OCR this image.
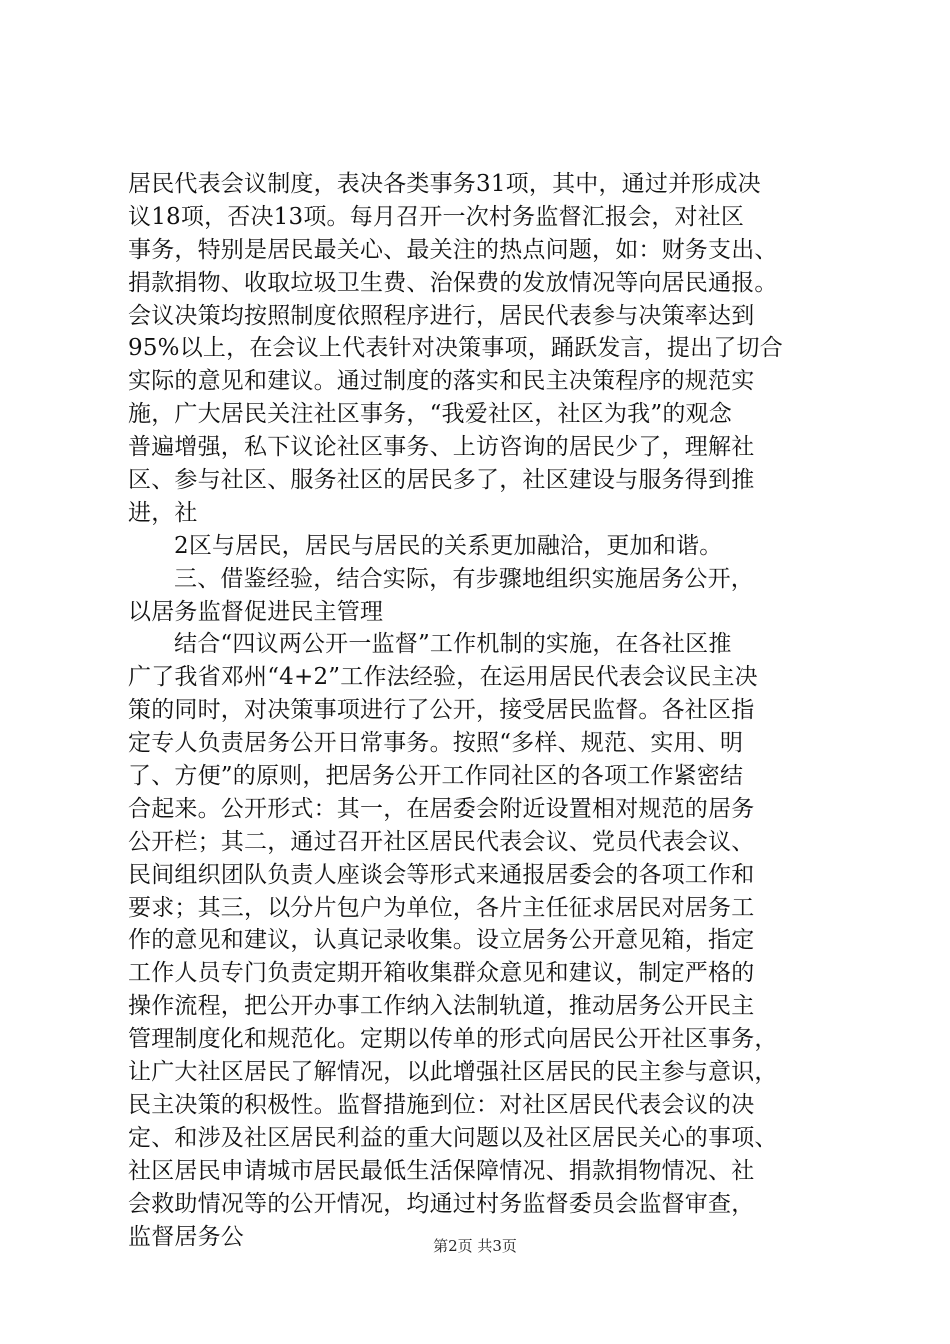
居民代表会议制度，表决各类事务31项，其中，通过并形成决
议18项，否决13项。每月召开一次村务监督汇报会，对社区
事务，特别是居民最关心、最关注的热点问题，如：财务支出、
捐款捐物、收取垃圾卫生费、治保费的发放情况等向居民通报。
会议决策均按照制度依照程序进行，居民代表参与决策率达到
95%以上，在会议上代表针对决策事项，踊跃发言，提出了切合
实际的意见和建议。通过制度的落实和民主决策程序的规范实
施，广大居民关注社区事务，“我爱社区，社区为我”的观念
普遍增强，私下议论社区事务、上访咨询的居民少了，理解社
区、参与社区、服务社区的居民多了，社区建设与服务得到推
进，社
2区与居民，居民与居民的关系更加融洽，更加和谐。
三、借鉴经验，结合实际，有步骤地组织实施居务公开，
以居务监督促进民主管理
结合“四议两公开一监督”工作机制的实施，在各社区推
广了我省邓州“4+2”工作法经验，在运用居民代表会议民主决
策的同时，对决策事项进行了公开，接受居民监督。各社区指
定专人负责居务公开日常事务。按照“多样、规范、实用、明
了、方便”的原则，把居务公开工作同社区的各项工作紧密结
合起来。公开形式：其一，在居委会附近设置相对规范的居务
公开栏；其二，通过召开社区居民代表会议、党员代表会议、
民间组织团队负责人座谈会等形式来通报居委会的各项工作和
要求；其三，以分片包户为单位，各片主任征求居民对居务工
作的意见和建议，认真记录收集。设立居务公开意见箱，指定
工作人员专门负责定期开箱收集群众意见和建议，制定严格的
操作流程，把公开办事工作纳入法制轨道，推动居务公开民主
管理制度化和规范化。定期以传单的形式向居民公开社区事务，
让广大社区居民了解情况，以此增强社区居民的民主参与意识，
民主决策的积极性。监督措施到位：对社区居民代表会议的决
定、和涉及社区居民利益的重大问题以及社区居民关心的事项、
社区居民申请城市居民最低生活保障情况、捐款捐物情况、社
会救助情况等的公开情况，均通过村务监督委员会监督审查，
监督居务公	第2页 共3页
